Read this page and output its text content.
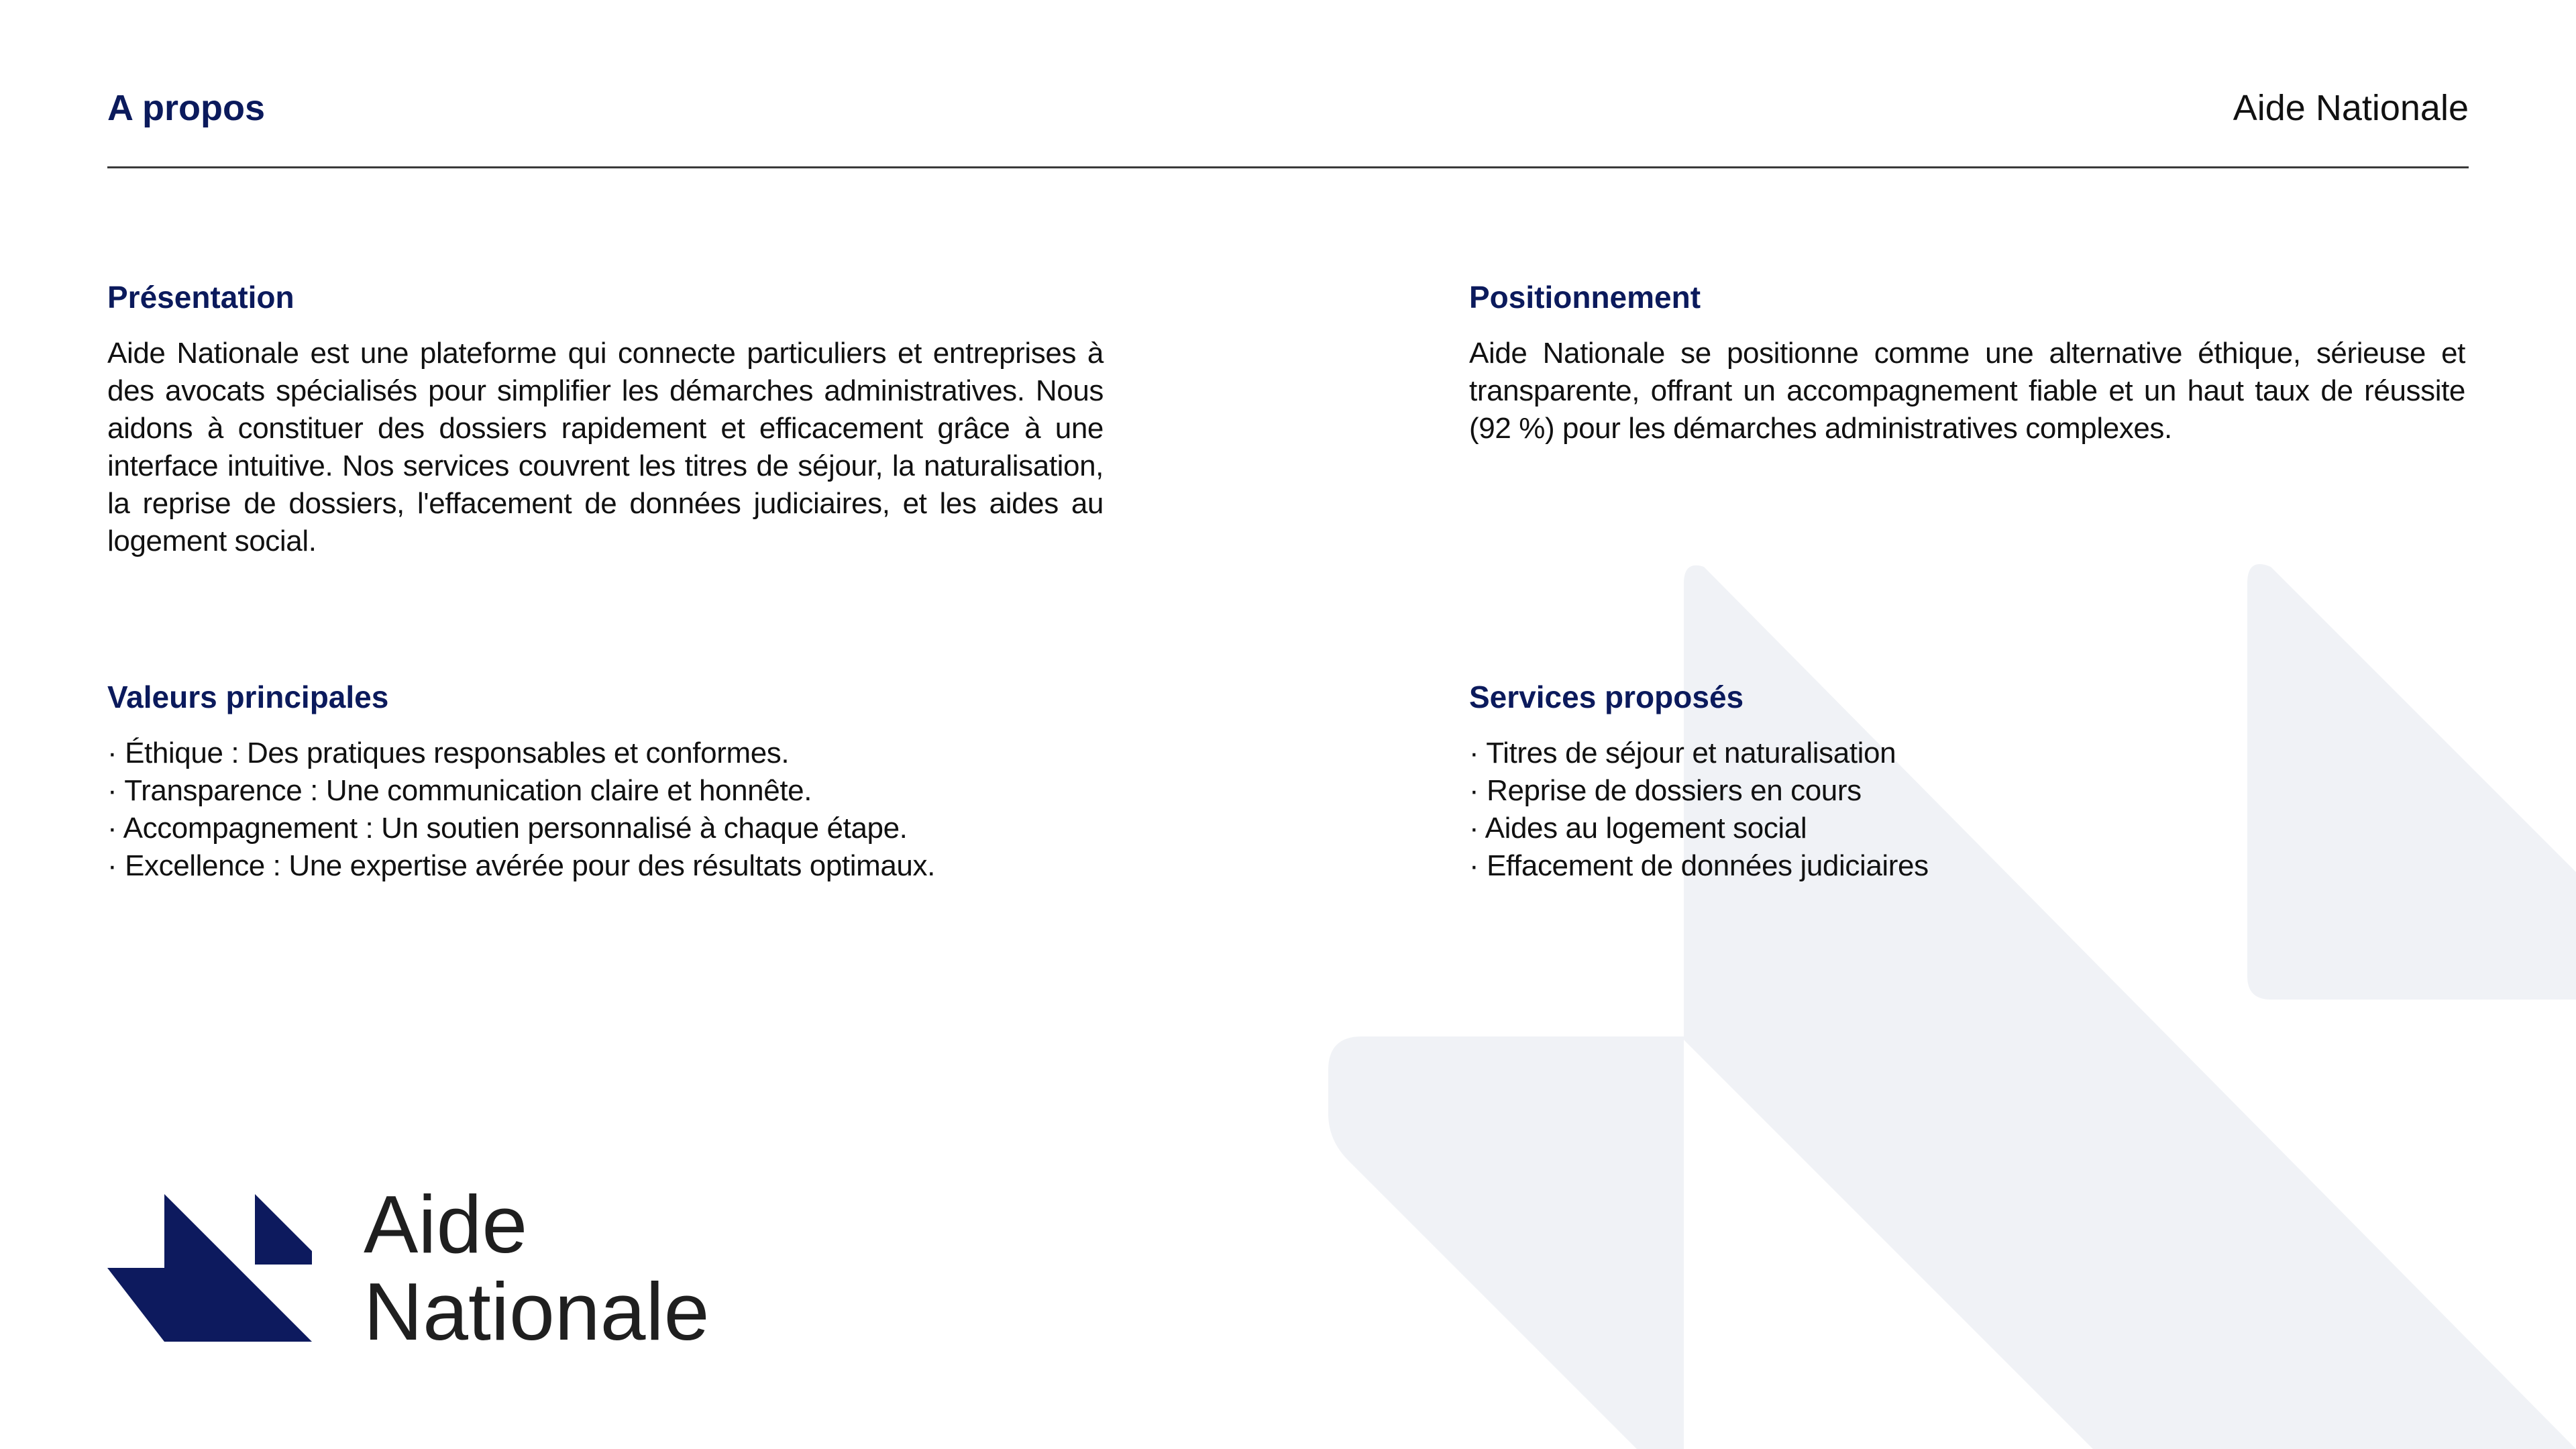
A propos	Aide Nationale
Présentation

Aide Nationale est une plateforme qui connecte particuliers et entreprises à des avocats spécialisés pour simplifier les démarches administratives. Nous aidons à constituer des dossiers rapidement et efficacement grâce à une interface intuitive. Nos services couvrent les titres de séjour, la naturalisation, la reprise de dossiers, l'effacement de données judiciaires, et les aides au logement social.

Positionnement

Aide Nationale se positionne comme une alternative éthique, sérieuse et transparente, offrant un accompagnement fiable et un haut taux de réussite (92 %) pour les démarches administratives complexes.

Valeurs principales
· Éthique : Des pratiques responsables et conformes.
· Transparence : Une communication claire et honnête.
· Accompagnement : Un soutien personnalisé à chaque étape.
· Excellence : Une expertise avérée pour des résultats optimaux.
Services proposés
· Titres de séjour et naturalisation
· Reprise de dossiers en cours
· Aides au logement social
· Effacement de données judiciaires
Aide
Nationale
